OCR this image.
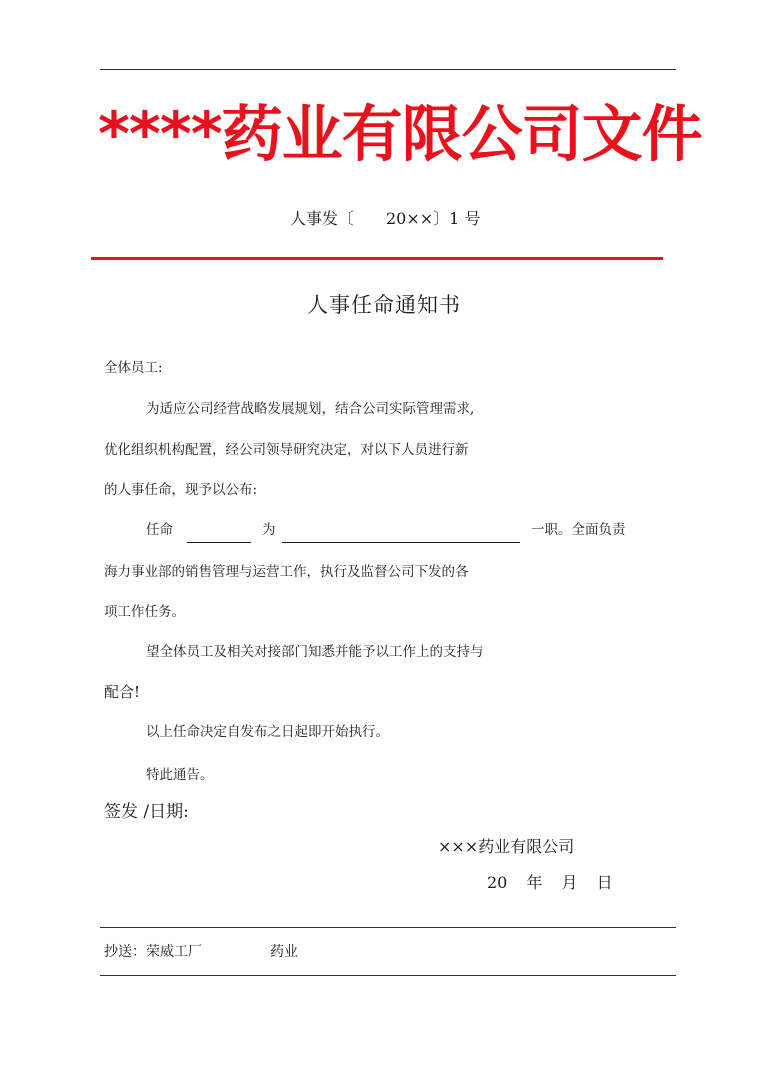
****药业有限公司文件
人事发〔　　20××〕1 号
人事任命通知书
全体员工:
为适应公司经营战略发展规划，结合公司实际管理需求,
优化组织机构配置，经公司领导研究决定，对以下人员进行新
的人事任命，现予以公布:
任命	为	一职。全面负责
海力事业部的销售管理与运营工作，执行及监督公司下发的各
项工作任务。
望全体员工及相关对接部门知悉并能予以工作上的支持与
配合!
以上任命决定自发布之日起即开始执行。
特此通告。
签发 /日期:
×××药业有限公司
20 年 月 日
抄送：荣威工厂	药业
